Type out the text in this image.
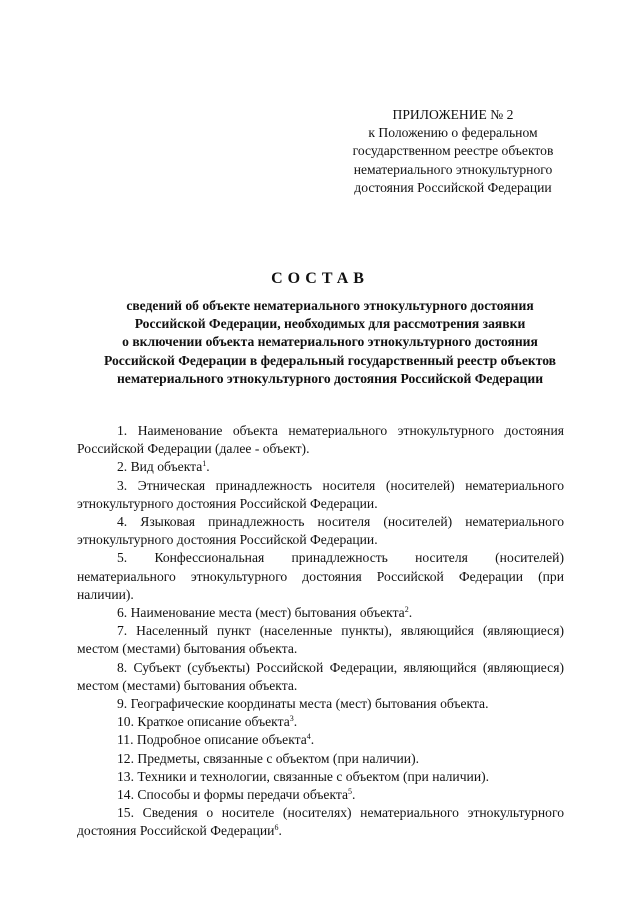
ПРИЛОЖЕНИЕ № 2
к Положению о федеральном
государственном реестре объектов
нематериального этнокультурного
достояния Российской Федерации
СОСТАВ
сведений об объекте нематериального этнокультурного достояния
Российской Федерации, необходимых для рассмотрения заявки
о включении объекта нематериального этнокультурного достояния
Российской Федерации в федеральный государственный реестр объектов
нематериального этнокультурного достояния Российской Федерации

1. Наименование объекта нематериального этнокультурного достояния Российской Федерации (далее - объект).

2. Вид объекта$^1$.

3. Этническая принадлежность носителя (носителей) нематериального этнокультурного достояния Российской Федерации.

4. Языковая принадлежность носителя (носителей) нематериального этнокультурного достояния Российской Федерации.

5. Конфессиональная принадлежность носителя (носителей) нематериального этнокультурного достояния Российской Федерации (при наличии).

6. Наименование места (мест) бытования объекта$^2$.

7. Населенный пункт (населенные пункты), являющийся (являющиеся) местом (местами) бытования объекта.

8. Субъект (субъекты) Российской Федерации, являющийся (являющиеся) местом (местами) бытования объекта.

9. Географические координаты места (мест) бытования объекта.

10. Краткое описание объекта$^3$.

11. Подробное описание объекта$^4$.

12. Предметы, связанные с объектом (при наличии).

13. Техники и технологии, связанные с объектом (при наличии).

14. Способы и формы передачи объекта$^5$.

15. Сведения о носителе (носителях) нематериального этнокультурного достояния Российской Федерации$^6$.
